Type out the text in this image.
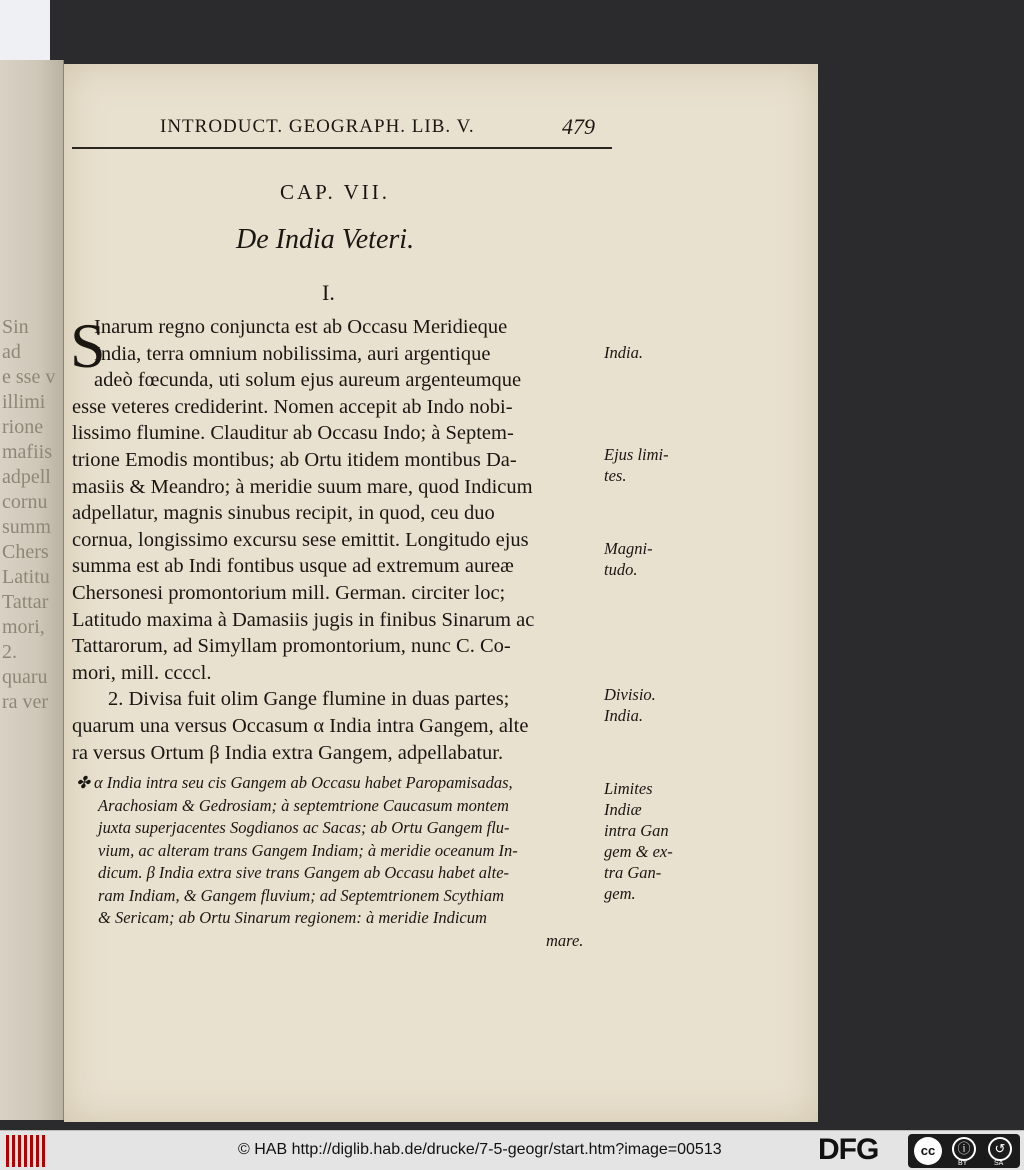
Sin
ad
e sse v
illimi
rione
mafiis
adpell
cornu
summ
Chers
Latitu
Tattar
mori,
2.
quaru
ra ver
INTRODUCT. GEOGRAPH. LIB. V.	479
CAP. VII.
De India Veteri.
I.
S
Inarum regno conjuncta est ab Occasu Meridieque
India, terra omnium nobilissima, auri argentique
adeò fœcunda, uti solum ejus aureum argenteumque
esse veteres crediderint. Nomen accepit ab Indo nobi-
lissimo flumine. Clauditur ab Occasu Indo; à Septem-
trione Emodis montibus; ab Ortu itidem montibus Da-
masiis & Meandro; à meridie suum mare, quod Indicum
adpellatur, magnis sinubus recipit, in quod, ceu duo
cornua, longissimo excursu sese emittit. Longitudo ejus
summa est ab Indi fontibus usque ad extremum aureæ
Chersonesi promontorium mill. German. circiter loc;
Latitudo maxima à Damasiis jugis in finibus Sinarum ac
Tattarorum, ad Simyllam promontorium, nunc C. Co-
mori, mill. ccccl.
2. Divisa fuit olim Gange flumine in duas partes;
quarum una versus Occasum α India intra Gangem, alte
ra versus Ortum β India extra Gangem, adpellabatur.
✤ α India intra seu cis Gangem ab Occasu habet Paropamisadas,
Arachosiam & Gedrosiam; à septemtrione Caucasum montem
juxta superjacentes Sogdianos ac Sacas; ab Ortu Gangem flu-
vium, ac alteram trans Gangem Indiam; à meridie oceanum In-
dicum. β India extra sive trans Gangem ab Occasu habet alte-
ram Indiam, & Gangem fluvium; ad Septemtrionem Scythiam
& Sericam; ab Ortu Sinarum regionem: à meridie Indicum
mare.
India.
Ejus limi-
tes.
Magni-
tudo.
Divisio.
India.
Limites
Indiæ
intra Gan
gem & ex-
tra Gan-
gem.
© HAB http://diglib.hab.de/drucke/7-5-geogr/start.htm?image=00513	DFG	cc	ⓘ	↺
BY	SA
